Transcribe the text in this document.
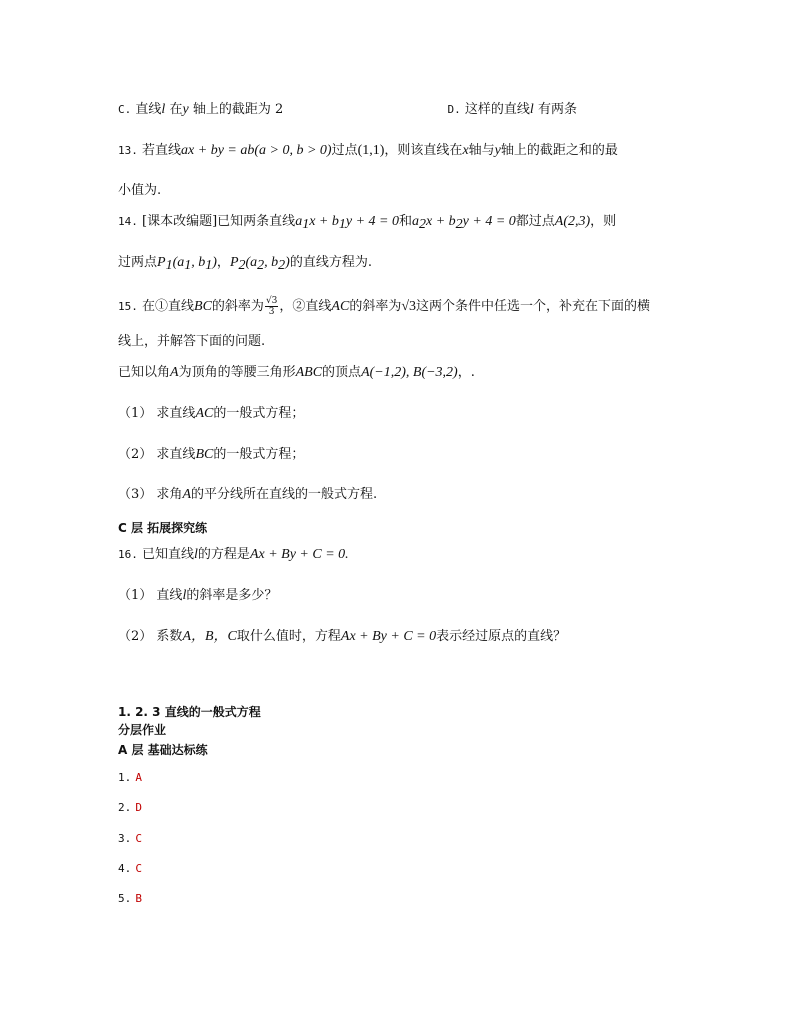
C. 直线l 在y 轴上的截距为 2	D. 这样的直线l 有两条
13. 若直线ax + by = ab(a > 0, b > 0)过点(1,1)，则该直线在x轴与y轴上的截距之和的最
小值为.
14. [课本改编题]已知两条直线$a_1x + b_1y + 4 = 0$和$a_2x + b_2y + 4 = 0$都过点A(2,3)，则
过两点$P_1(a_1$, $b_1$)，$P_2(a_2$, $b_2$)的直线方程为.
15. 在①直线BC的斜率为 $\frac{√3}{3}$ ，②直线AC的斜率为√3这两个条件中任选一个，补充在下面的横
线上，并解答下面的问题.
已知以角A为顶角的等腰三角形ABC的顶点A(−1,2), B(−3,2)，.
（1） 求直线AC的一般式方程；
（2） 求直线BC的一般式方程；
（3） 求角A的平分线所在直线的一般式方程.
C 层 拓展探究练
16. 已知直线l的方程是Ax + By + C = 0.
（1） 直线l的斜率是多少？
（2） 系数A，B，C取什么值时，方程Ax + By + C = 0表示经过原点的直线？
1. 2. 3 直线的一般式方程
分层作业
A 层 基础达标练
1. A
2. D
3. C
4. C
5. B
